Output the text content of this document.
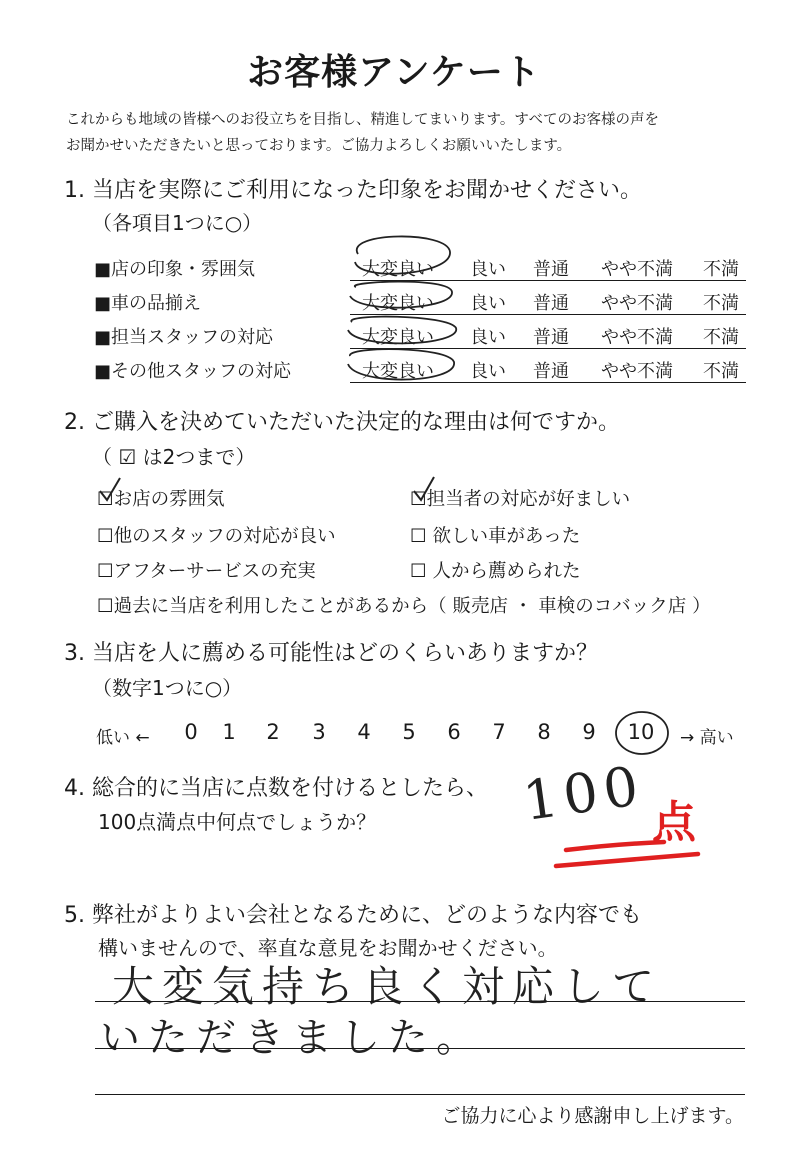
お客様アンケート
これからも地域の皆様へのお役立ちを目指し、精進してまいります。すべてのお客様の声を
お聞かせいただきたいと思っております。ご協力よろしくお願いいたします。
1. 当店を実際にご利用になった印象をお聞かせください。
（各項目1つに○）
■店の印象・雰囲気	大変良い	良い	普通	やや不満	不満
■車の品揃え	大変良い	良い	普通	やや不満	不満
■担当スタッフの対応	大変良い	良い	普通	やや不満	不満
■その他スタッフの対応	大変良い	良い	普通	やや不満	不満
2. ご購入を決めていただいた決定的な理由は何ですか。
（ ☑ は2つまで）
☐お店の雰囲気	☐担当者の対応が好ましい
☐他のスタッフの対応が良い	☐ 欲しい車があった
☐アフターサービスの充実	☐ 人から薦められた
☐過去に当店を利用したことがあるから（ 販売店 ・ 車検のコバック店 ）
3. 当店を人に薦める可能性はどのくらいありますか？
（数字1つに○）
低い ←	0	1	2	3	4	5	6	7	8	9	10 → 高い
4. 総合的に当店に点数を付けるとしたら、
100点満点中何点でしょうか？	100 点
5. 弊社がよりよい会社となるために、どのような内容でも
構いませんので、率直な意見をお聞かせください。
大変気持ち良く対応して
いただきました。
ご協力に心より感謝申し上げます。
